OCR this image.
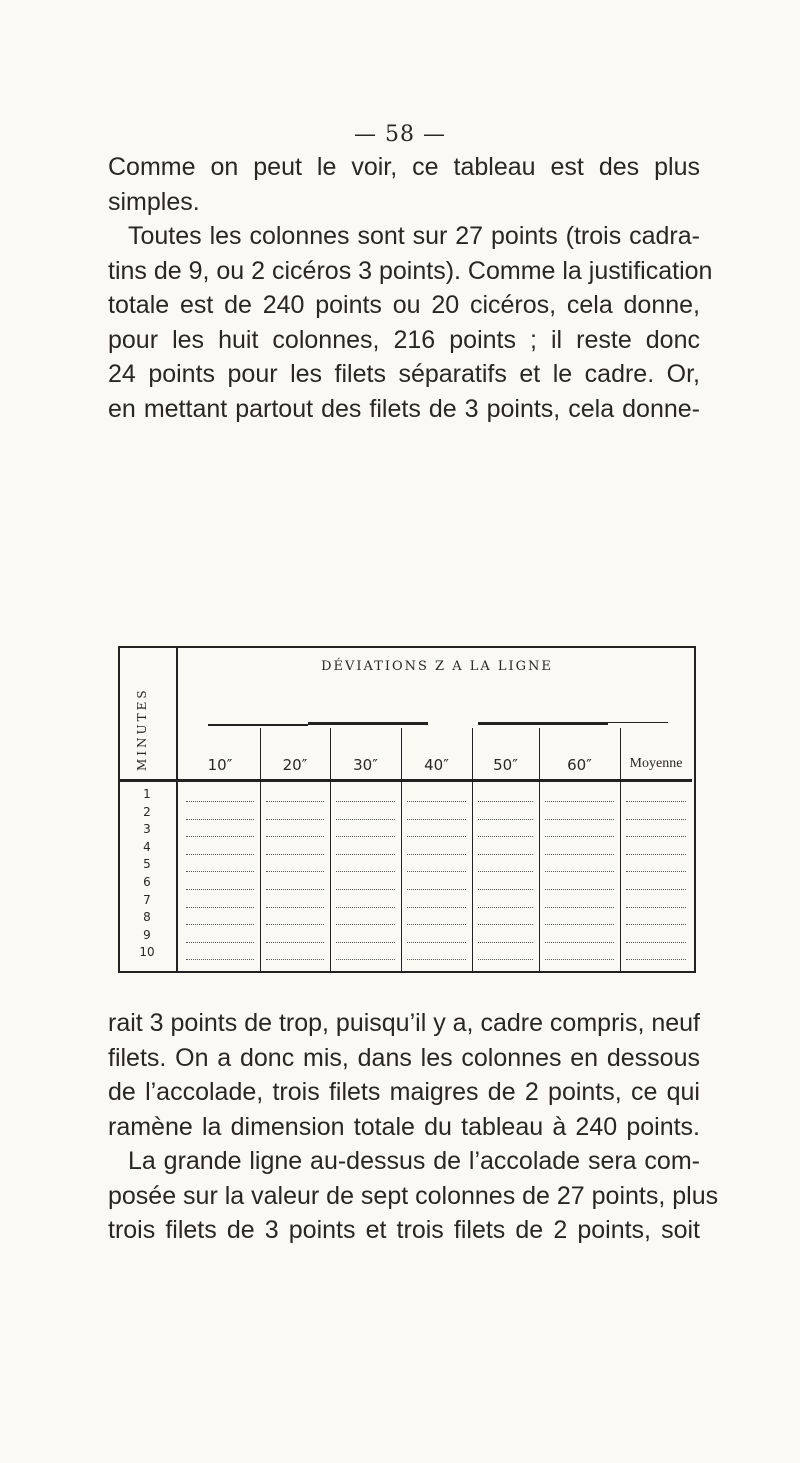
— 58 —
Comme on peut le voir, ce tableau est des plus
simples.
Toutes les colonnes sont sur 27 points (trois cadra-
tins de 9, ou 2 cicéros 3 points). Comme la justification
totale est de 240 points ou 20 cicéros, cela donne,
pour les huit colonnes, 216 points ; il reste donc
24 points pour les filets séparatifs et le cadre. Or,
en mettant partout des filets de 3 points, cela donne-
MINUTES
DÉVIATIONS Z A LA LIGNE
10″	20″	30″	40″	50″	60″	Moyenne
1
2
3
4
5
6
7
8
9
10
rait 3 points de trop, puisqu’il y a, cadre compris, neuf
filets. On a donc mis, dans les colonnes en dessous
de l’accolade, trois filets maigres de 2 points, ce qui
ramène la dimension totale du tableau à 240 points.
La grande ligne au-dessus de l’accolade sera com-
posée sur la valeur de sept colonnes de 27 points, plus
trois filets de 3 points et trois filets de 2 points, soit
